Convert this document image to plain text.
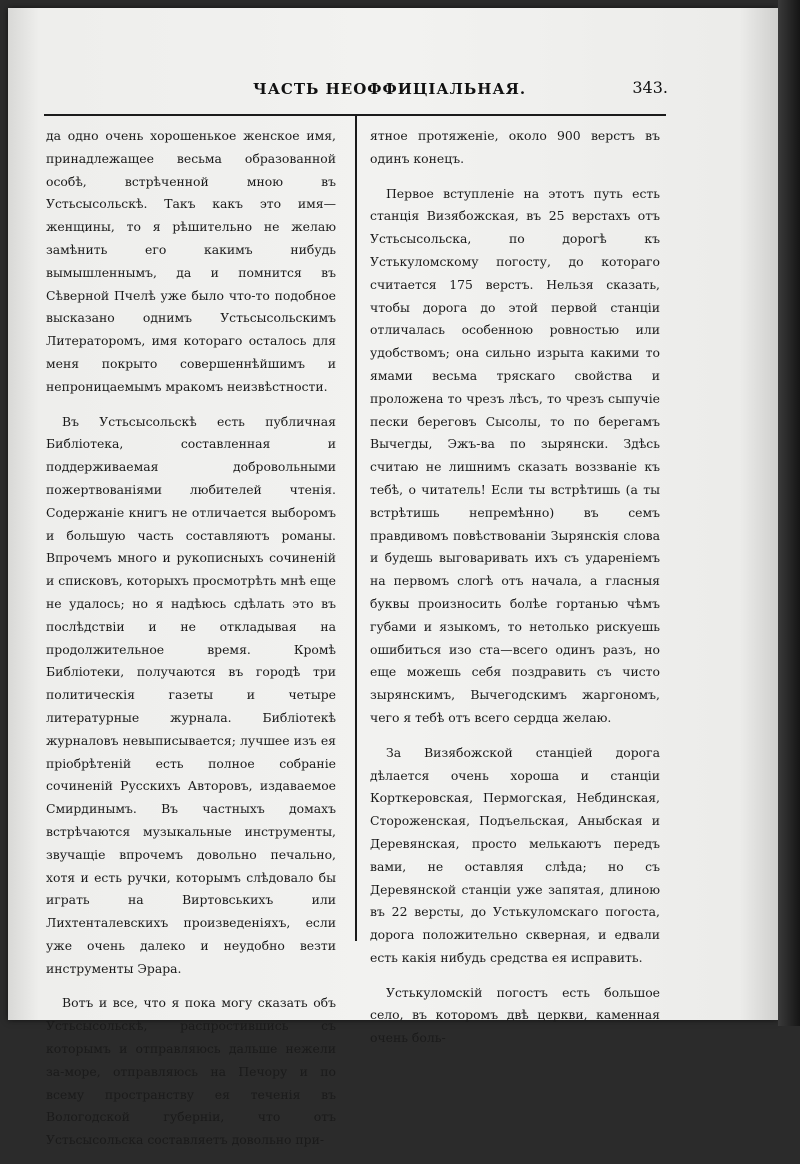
ЧАСТЬ НЕОФФИЦІАЛЬНАЯ.	343.

да одно очень хорошенькое женское имя, принадлежащее весьма образованной особѣ, встрѣченной мною въ Устьсысольскѣ. Такъ какъ это имя—женщины, то я рѣшительно не желаю замѣнить его какимъ нибудь вымышленнымъ, да и помнится въ Сѣверной Пчелѣ уже было что-то подобное высказано однимъ Устьсысольскимъ Литераторомъ, имя котораго осталось для меня покрыто совершеннѣйшимъ и непроницаемымъ мракомъ неизвѣстности.

Въ Устьсысольскѣ есть публичная Библіотека, составленная и поддерживаемая добровольными пожертвованіями любителей чтенія. Содержаніе книгъ не отличается выборомъ и большую часть составляютъ романы. Впрочемъ много и рукописныхъ сочиненій и списковъ, которыхъ просмотрѣть мнѣ еще не удалось; но я надѣюсь сдѣлать это въ послѣдствіи и не откладывая на продолжительное время. Кромѣ Библіотеки, получаются въ городѣ три политическія газеты и четыре литературные журнала. Библіотекѣ журналовъ невыписывается; лучшее изъ ея пріобрѣтеній есть полное собраніе сочиненій Русскихъ Авторовъ, издаваемое Смирдинымъ. Въ частныхъ домахъ встрѣчаются музыкальные инструменты, звучащіе впрочемъ довольно печально, хотя и есть ручки, которымъ слѣдовало бы играть на Виртовськихъ или Лихтенталевскихъ произведеніяхъ, если уже очень далеко и неудобно везти инструменты Эрара.

Вотъ и все, что я пока могу сказать объ Устьсысольскѣ, распростившись съ которымъ и отправляюсь дальше нежели за-море, отправляюсь на Печору и по всему пространству ея теченія въ Вологодской губерніи, что отъ Устьсысольска составляетъ довольно при-

ятное протяженіе, около 900 верстъ въ одинъ конецъ.

Первое вступленіе на этотъ путь есть станція Визябожская, въ 25 верстахъ отъ Устьсысольска, по дорогѣ къ Устькуломскому погосту, до котораго считается 175 верстъ. Нельзя сказать, чтобы дорога до этой первой станціи отличалась особенною ровностью или удобствомъ; она сильно изрыта какими то ямами весьма тряскаго свойства и проложена то чрезъ лѣсъ, то чрезъ сыпучіе пески береговъ Сысолы, то по берегамъ Вычегды, Эжъ-ва по зырянски. Здѣсь считаю не лишнимъ сказать воззваніе къ тебѣ, о читатель! Если ты встрѣтишь (а ты встрѣтишь непремѣнно) въ семъ правдивомъ повѣствованіи Зырянскія слова и будешь выговаривать ихъ съ удареніемъ на первомъ слогѣ отъ начала, а гласныя буквы произносить болѣе гортанью чѣмъ губами и языкомъ, то нетолько рискуешь ошибиться изо ста—всего одинъ разъ, но еще можешь себя поздравить съ чисто зырянскимъ, Вычегодскимъ жаргономъ, чего я тебѣ отъ всего сердца желаю.

За Визябожской станціей дорога дѣлается очень хороша и станціи Корткеровская, Пермогская, Небдинская, Стороженская, Подъельская, Аныбская и Деревянская, просто мелькаютъ передъ вами, не оставляя слѣда; но съ Деревянской станціи уже запятая, длиною въ 22 версты, до Устькуломскаго погоста, дорога положительно скверная, и едвали есть какія нибудь средства ея исправить.

Устькуломскій погостъ есть большое село, въ которомъ двѣ церкви, каменная очень боль-
